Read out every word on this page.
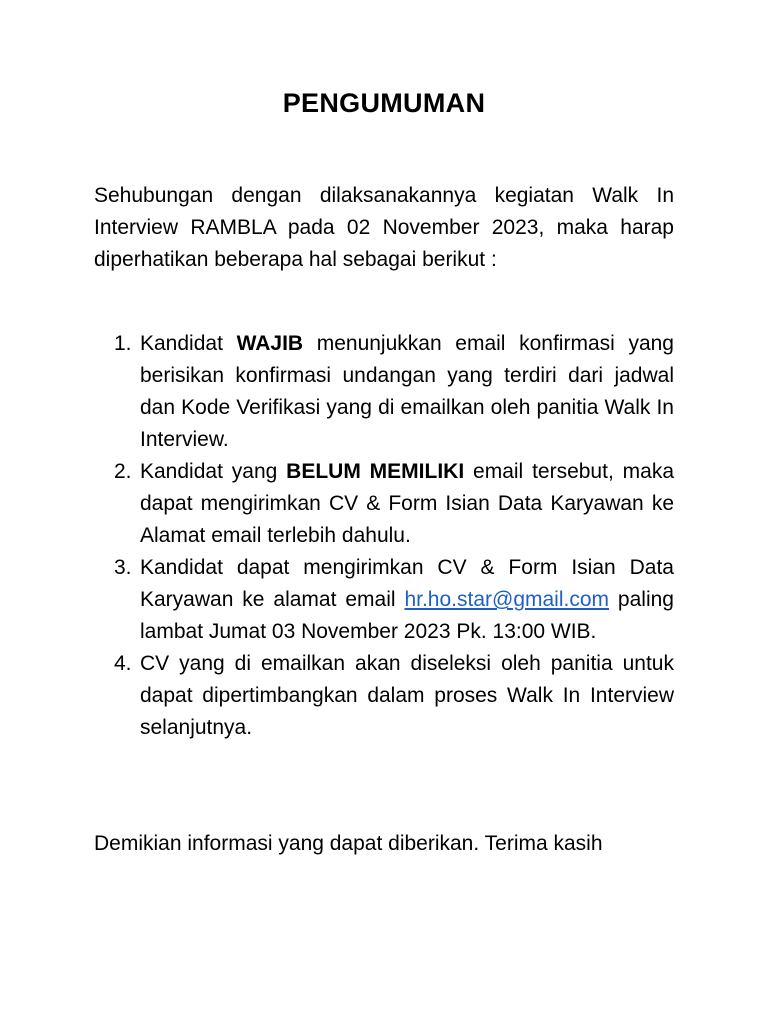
PENGUMUMAN
Sehubungan dengan dilaksanakannya kegiatan Walk In Interview RAMBLA pada 02 November 2023, maka harap diperhatikan beberapa hal sebagai berikut :
1. Kandidat WAJIB menunjukkan email konfirmasi yang berisikan konfirmasi undangan yang terdiri dari jadwal dan Kode Verifikasi yang di emailkan oleh panitia Walk In Interview.
2. Kandidat yang BELUM MEMILIKI email tersebut, maka dapat mengirimkan CV & Form Isian Data Karyawan ke Alamat email terlebih dahulu.
3. Kandidat dapat mengirimkan CV & Form Isian Data Karyawan ke alamat email hr.ho.star@gmail.com paling lambat Jumat 03 November 2023 Pk. 13:00 WIB.
4. CV yang di emailkan akan diseleksi oleh panitia untuk dapat dipertimbangkan dalam proses Walk In Interview selanjutnya.
Demikian informasi yang dapat diberikan. Terima kasih
